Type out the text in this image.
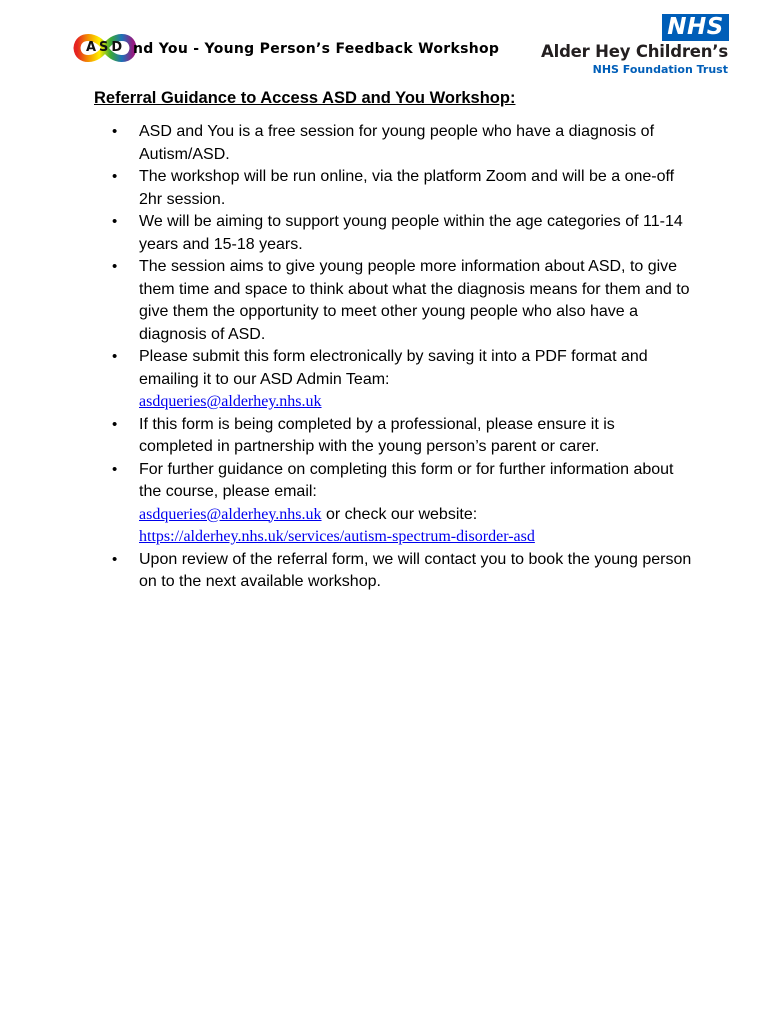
ASD nd You - Young Person’s Feedback Workshop
NHS
Alder Hey Children’s
NHS Foundation Trust
Referral Guidance to Access ASD and You Workshop:
• ASD and You is a free session for young people who have a diagnosis of Autism/ASD.
• The workshop will be run online, via the platform Zoom and will be a one-off 2hr session.
• We will be aiming to support young people within the age categories of 11-14 years and 15-18 years.
• The session aims to give young people more information about ASD, to give them time and space to think about what the diagnosis means for them and to give them the opportunity to meet other young people who also have a diagnosis of ASD.
• Please submit this form electronically by saving it into a PDF format and emailing it to our ASD Admin Team:
asdqueries@alderhey.nhs.uk
• If this form is being completed by a professional, please ensure it is completed in partnership with the young person’s parent or carer.
• For further guidance on completing this form or for further information about the course, please email:
asdqueries@alderhey.nhs.uk or check our website:
https://alderhey.nhs.uk/services/autism-spectrum-disorder-asd
• Upon review of the referral form, we will contact you to book the young person on to the next available workshop.
